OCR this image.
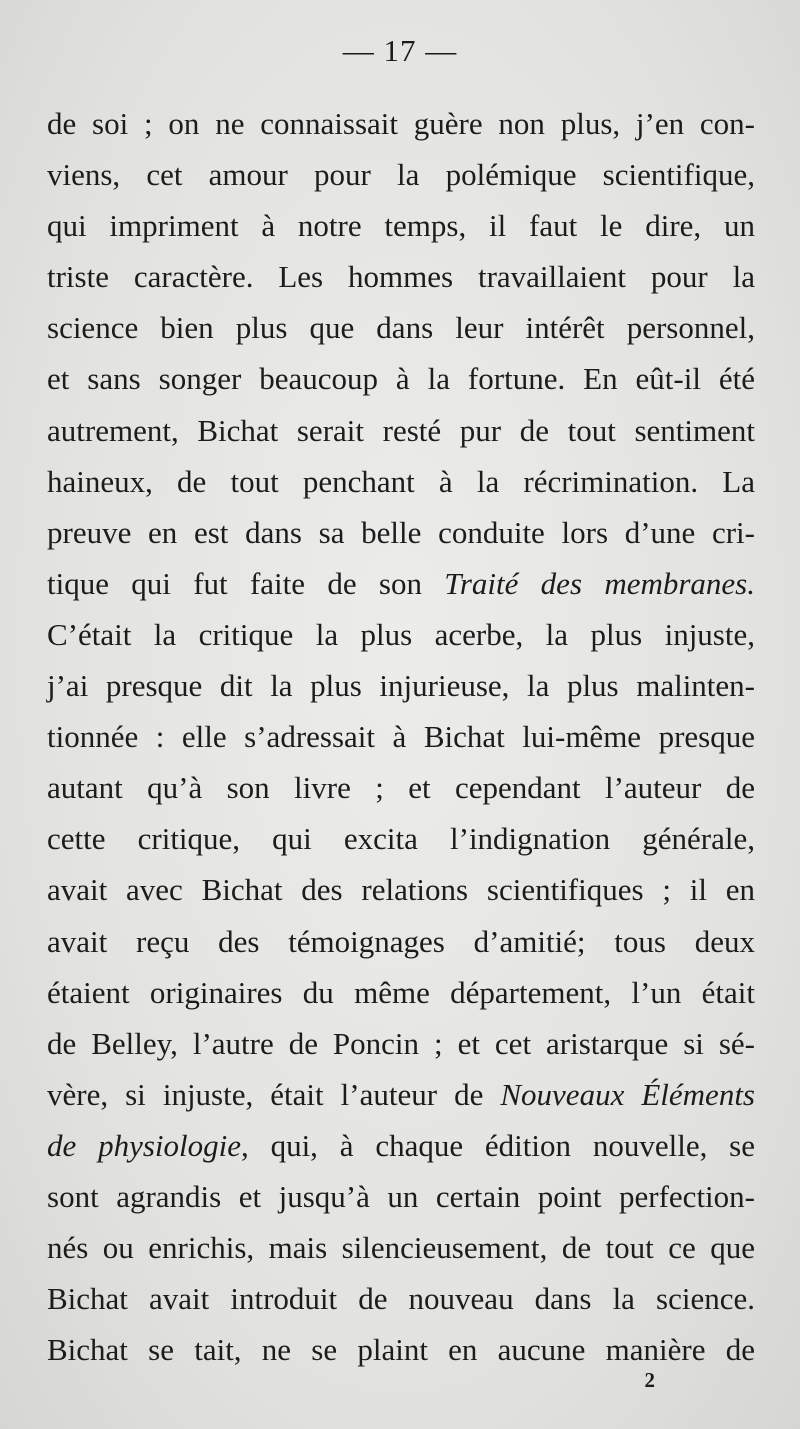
— 17 —
de soi ; on ne connaissait guère non plus, j’en con-
viens, cet amour pour la polémique scientifique,
qui impriment à notre temps, il faut le dire, un
triste caractère. Les hommes travaillaient pour la
science bien plus que dans leur intérêt personnel,
et sans songer beaucoup à la fortune. En eût-il été
autrement, Bichat serait resté pur de tout sentiment
haineux, de tout penchant à la récrimination. La
preuve en est dans sa belle conduite lors d’une cri-
tique qui fut faite de son Traité des membranes.
C’était la critique la plus acerbe, la plus injuste,
j’ai presque dit la plus injurieuse, la plus malinten-
tionnée : elle s’adressait à Bichat lui-même presque
autant qu’à son livre ; et cependant l’auteur de
cette critique, qui excita l’indignation générale,
avait avec Bichat des relations scientifiques ; il en
avait reçu des témoignages d’amitié; tous deux
étaient originaires du même département, l’un était
de Belley, l’autre de Poncin ; et cet aristarque si sé-
vère, si injuste, était l’auteur de Nouveaux Éléments
de physiologie, qui, à chaque édition nouvelle, se
sont agrandis et jusqu’à un certain point perfection-
nés ou enrichis, mais silencieusement, de tout ce que
Bichat avait introduit de nouveau dans la science.
Bichat se tait, ne se plaint en aucune manière de
2
